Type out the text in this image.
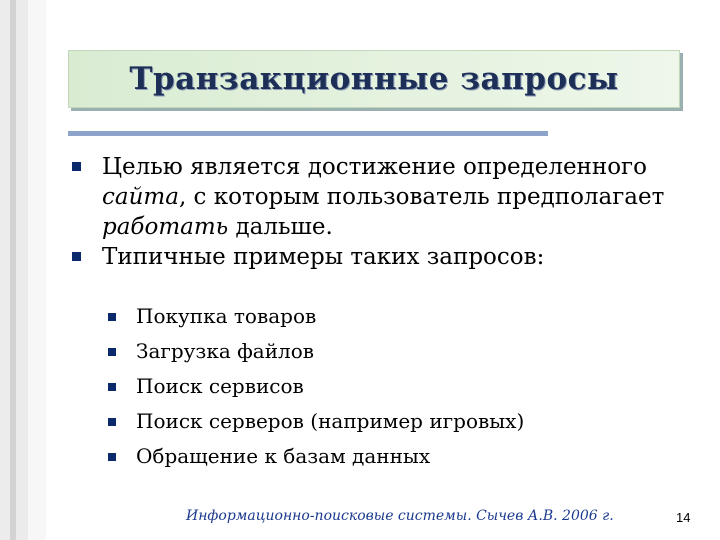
Транзакционные запросы
Целью является достижение определенного сайта, с которым пользователь предполагает работать дальше.
Типичные примеры таких запросов:
Покупка товаров
Загрузка файлов
Поиск сервисов
Поиск серверов (например игровых)
Обращение к базам данных
Информационно-поисковые системы. Сычев А.В. 2006 г.	14
